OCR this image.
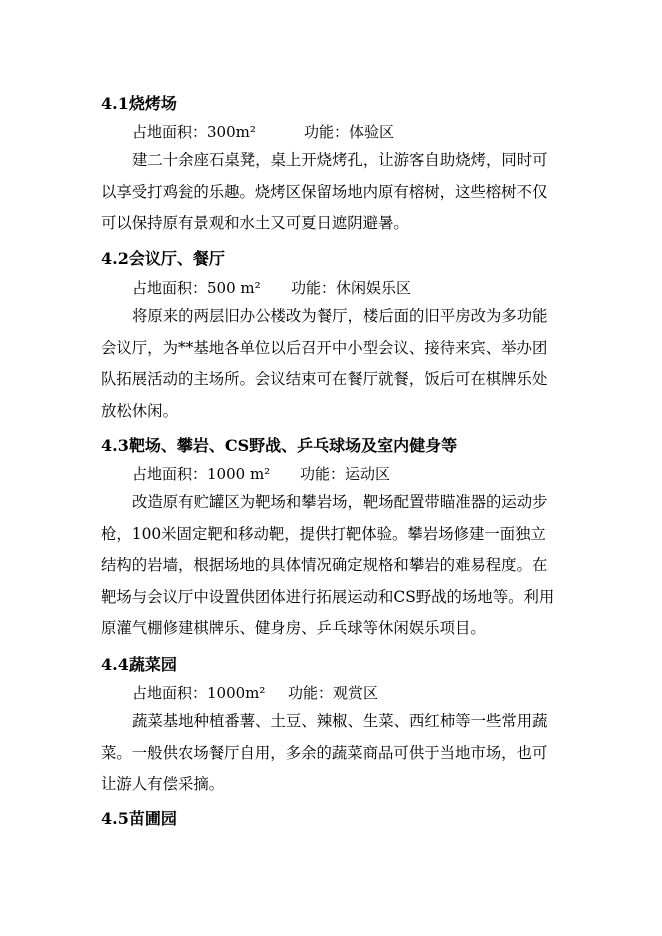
4.1烧烤场
占地面积：300m²	功能：体验区

建二十余座石桌凳，桌上开烧烤孔，让游客自助烧烤，同时可以享受打鸡瓮的乐趣。烧烤区保留场地内原有榕树，这些榕树不仅可以保持原有景观和水土又可夏日遮阴避暑。

4.2会议厅、餐厅
占地面积：500 m² 功能：休闲娱乐区

将原来的两层旧办公楼改为餐厅，楼后面的旧平房改为多功能会议厅，为**基地各单位以后召开中小型会议、接待来宾、举办团队拓展活动的主场所。会议结束可在餐厅就餐，饭后可在棋牌乐处放松休闲。

4.3靶场、攀岩、CS野战、乒乓球场及室内健身等
占地面积：1000 m² 功能：运动区

改造原有贮罐区为靶场和攀岩场，靶场配置带瞄准器的运动步枪，100米固定靶和移动靶，提供打靶体验。攀岩场修建一面独立结构的岩墙，根据场地的具体情况确定规格和攀岩的难易程度。在靶场与会议厅中设置供团体进行拓展运动和CS野战的场地等。利用原灌气棚修建棋牌乐、健身房、乒乓球等休闲娱乐项目。

4.4蔬菜园
占地面积：1000m² 功能：观赏区

蔬菜基地种植番薯、土豆、辣椒、生菜、西红柿等一些常用蔬菜。一般供农场餐厅自用，多余的蔬菜商品可供于当地市场，也可让游人有偿采摘。

4.5苗圃园
